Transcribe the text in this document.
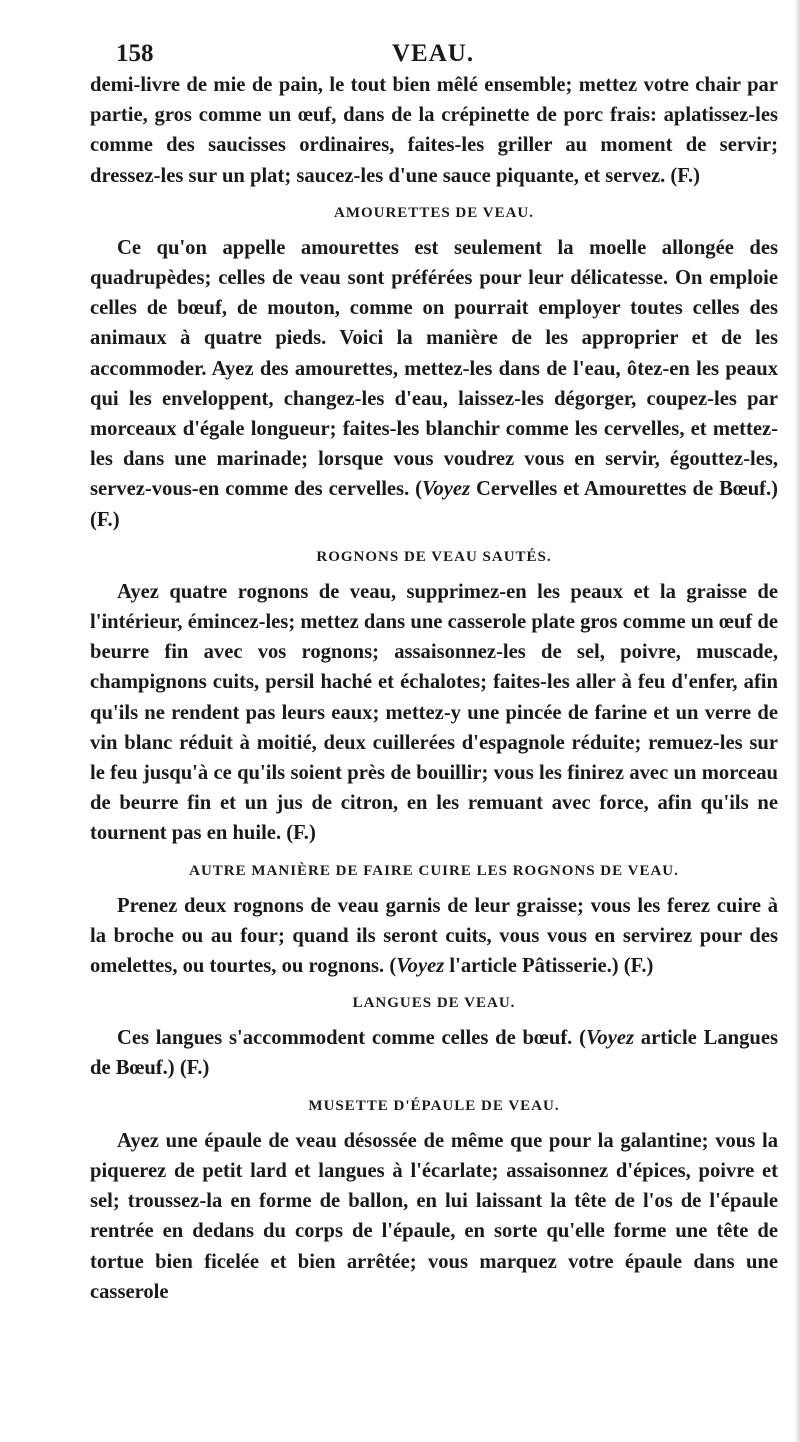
158	VEAU.

demi-livre de mie de pain, le tout bien mêlé ensemble; mettez votre chair par partie, gros comme un œuf, dans de la crépinette de porc frais: aplatissez-les comme des saucisses ordinaires, faites-les griller au moment de servir; dressez-les sur un plat; saucez-les d'une sauce piquante, et servez. (F.)

AMOURETTES DE VEAU.

Ce qu'on appelle amourettes est seulement la moelle allongée des quadrupèdes; celles de veau sont préférées pour leur délicatesse. On emploie celles de bœuf, de mouton, comme on pourrait employer toutes celles des animaux à quatre pieds. Voici la manière de les approprier et de les accommoder. Ayez des amourettes, mettez-les dans de l'eau, ôtez-en les peaux qui les enveloppent, changez-les d'eau, laissez-les dégorger, coupez-les par morceaux d'égale longueur; faites-les blanchir comme les cervelles, et mettez-les dans une marinade; lorsque vous voudrez vous en servir, égouttez-les, servez-vous-en comme des cervelles. (Voyez Cervelles et Amourettes de Bœuf.) (F.)

ROGNONS DE VEAU SAUTÉS.

Ayez quatre rognons de veau, supprimez-en les peaux et la graisse de l'intérieur, émincez-les; mettez dans une casserole plate gros comme un œuf de beurre fin avec vos rognons; assaisonnez-les de sel, poivre, muscade, champignons cuits, persil haché et échalotes; faites-les aller à feu d'enfer, afin qu'ils ne rendent pas leurs eaux; mettez-y une pincée de farine et un verre de vin blanc réduit à moitié, deux cuillerées d'espagnole réduite; remuez-les sur le feu jusqu'à ce qu'ils soient près de bouillir; vous les finirez avec un morceau de beurre fin et un jus de citron, en les remuant avec force, afin qu'ils ne tournent pas en huile. (F.)

AUTRE MANIÈRE DE FAIRE CUIRE LES ROGNONS DE VEAU.

Prenez deux rognons de veau garnis de leur graisse; vous les ferez cuire à la broche ou au four; quand ils seront cuits, vous vous en servirez pour des omelettes, ou tourtes, ou rognons. (Voyez l'article Pâtisserie.) (F.)

LANGUES DE VEAU.

Ces langues s'accommodent comme celles de bœuf. (Voyez article Langues de Bœuf.) (F.)

MUSETTE D'ÉPAULE DE VEAU.

Ayez une épaule de veau désossée de même que pour la galantine; vous la piquerez de petit lard et langues à l'écarlate; assaisonnez d'épices, poivre et sel; troussez-la en forme de ballon, en lui laissant la tête de l'os de l'épaule rentrée en dedans du corps de l'épaule, en sorte qu'elle forme une tête de tortue bien ficelée et bien arrêtée; vous marquez votre épaule dans une casserole
